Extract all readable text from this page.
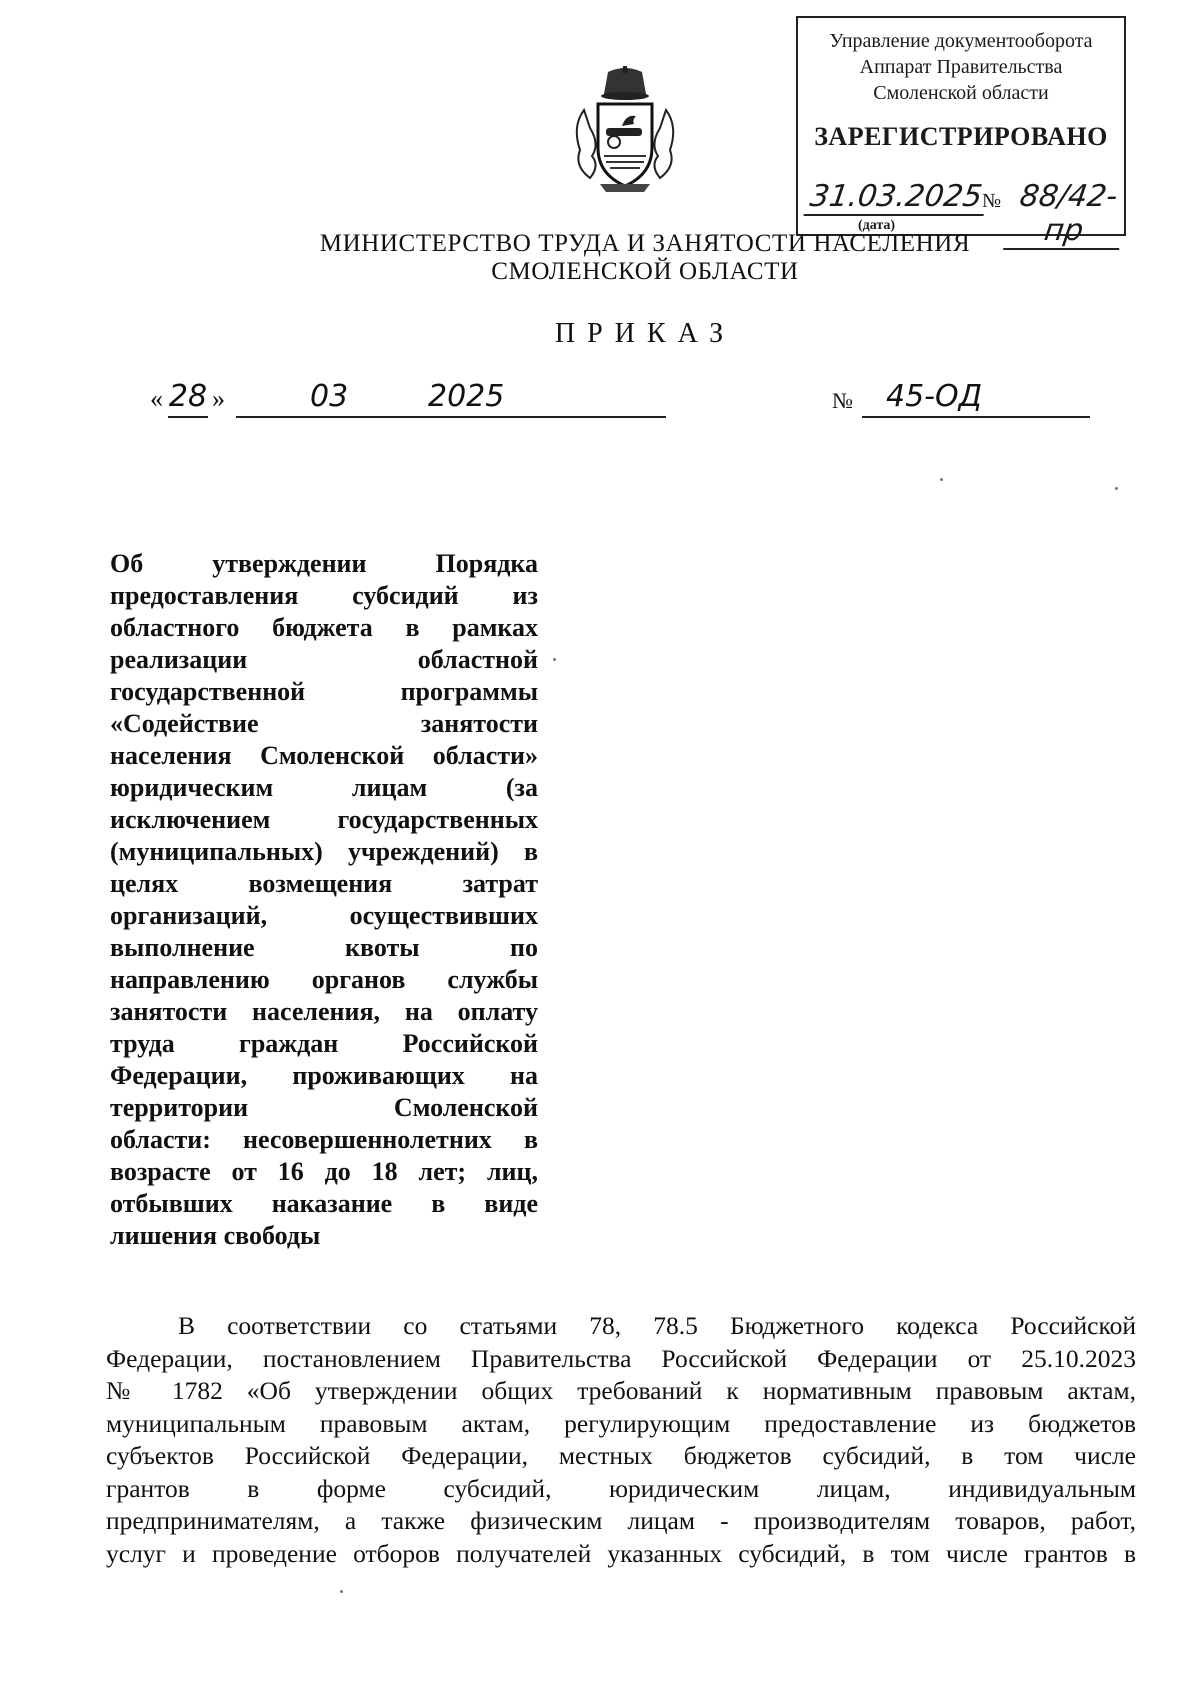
Управление документооборота
Аппарат Правительства
Смоленской области
ЗАРЕГИСТРИРОВАНО
31.03.2025
№ 88/42-пр
(дата)
МИНИСТЕРСТВО ТРУДА И ЗАНЯТОСТИ НАСЕЛЕНИЯ
СМОЛЕНСКОЙ ОБЛАСТИ
ПРИКАЗ
« 28 »	03	2025	№	45-ОД
Об утверждении Порядка
предоставления субсидий из
областного бюджета в рамках
реализации областной
государственной программы
«Содействие занятости
населения Смоленской области»
юридическим лицам (за
исключением государственных
(муниципальных) учреждений) в
целях возмещения затрат
организаций, осуществивших
выполнение квоты по
направлению органов службы
занятости населения, на оплату
труда граждан Российской
Федерации, проживающих на
территории Смоленской
области: несовершеннолетних в
возрасте от 16 до 18 лет; лиц,
отбывших наказание в виде
лишения свободы
В соответствии со статьями 78, 78.5 Бюджетного кодекса Российской
Федерации, постановлением Правительства Российской Федерации от 25.10.2023
№ 1782 «Об утверждении общих требований к нормативным правовым актам,
муниципальным правовым актам, регулирующим предоставление из бюджетов
субъектов Российской Федерации, местных бюджетов субсидий, в том числе
грантов в форме субсидий, юридическим лицам, индивидуальным
предпринимателям, а также физическим лицам - производителям товаров, работ,
услуг и проведение отборов получателей указанных субсидий, в том числе грантов в
